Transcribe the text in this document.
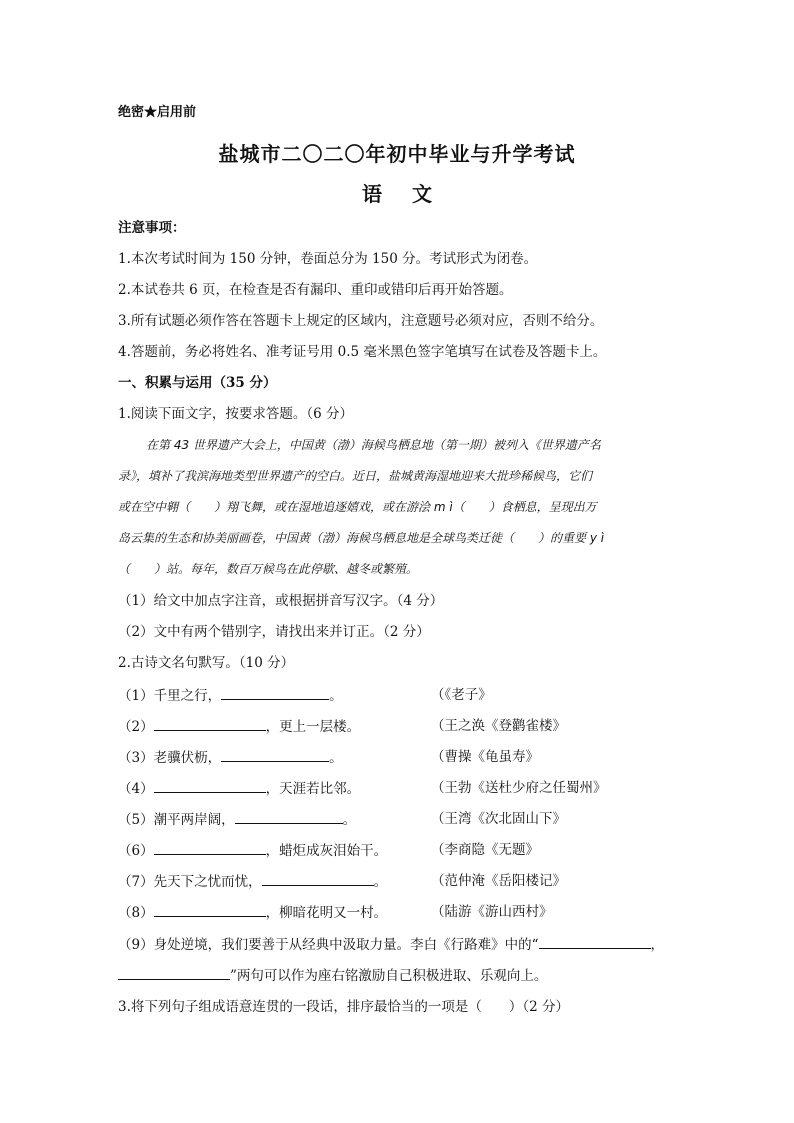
绝密★启用前
盐城市二〇二〇年初中毕业与升学考试
语文
注意事项：
1.本次考试时间为 150 分钟，卷面总分为 150 分。考试形式为闭卷。
2.本试卷共 6 页，在检查是否有漏印、重印或错印后再开始答题。
3.所有试题必须作答在答题卡上规定的区域内，注意题号必须对应，否则不给分。
4.答题前，务必将姓名、准考证号用 0.5 毫米黑色签字笔填写在试卷及答题卡上。
一、积累与运用（35 分）
1.阅读下面文字，按要求答题。（6 分）
在第 43 世界遗产大会上，中国黄（渤）海候鸟栖息地（第一期）被列入《世界遗产名
录》，填补了我滨海地类型世界遗产的空白。近日，盐城黄海湿地迎来大批珍稀候鸟，它们
或在空中翱（　　）翔飞舞，或在湿地追逐嬉戏，或在游浍 m ì（　　）食栖息，呈现出万
岛云集的生态和协美丽画卷，中国黄（渤）海候鸟栖息地是全球鸟类迁徙（　　）的重要 y ì
（　　）站。每年，数百万候鸟在此停歇、越冬或繁殖。
（1）给文中加点字注音，或根据拼音写汉字。（4 分）
（2）文中有两个错别字，请找出来并订正。（2 分）
2.古诗文名句默写。（10 分）
（1）千里之行，	。	（《老子》
（2）	，更上一层楼。	（王之涣《登鹳雀楼》
（3）老骥伏枥，	。	（曹操《龟虽寿》
（4）	，天涯若比邻。	（王勃《送杜少府之任蜀州》
（5）潮平两岸阔，	。	（王湾《次北固山下》
（6）	，蜡炬成灰泪始干。	（李商隐《无题》
（7）先天下之忧而忧，	。	（范仲淹《岳阳楼记》
（8）	，柳暗花明又一村。	（陆游《游山西村》
（9）身处逆境，我们要善于从经典中汲取力量。李白《行路难》中的“	，
”两句可以作为座右铭激励自己积极进取、乐观向上。
3.将下列句子组成语意连贯的一段话，排序最恰当的一项是（　　）（2 分）
